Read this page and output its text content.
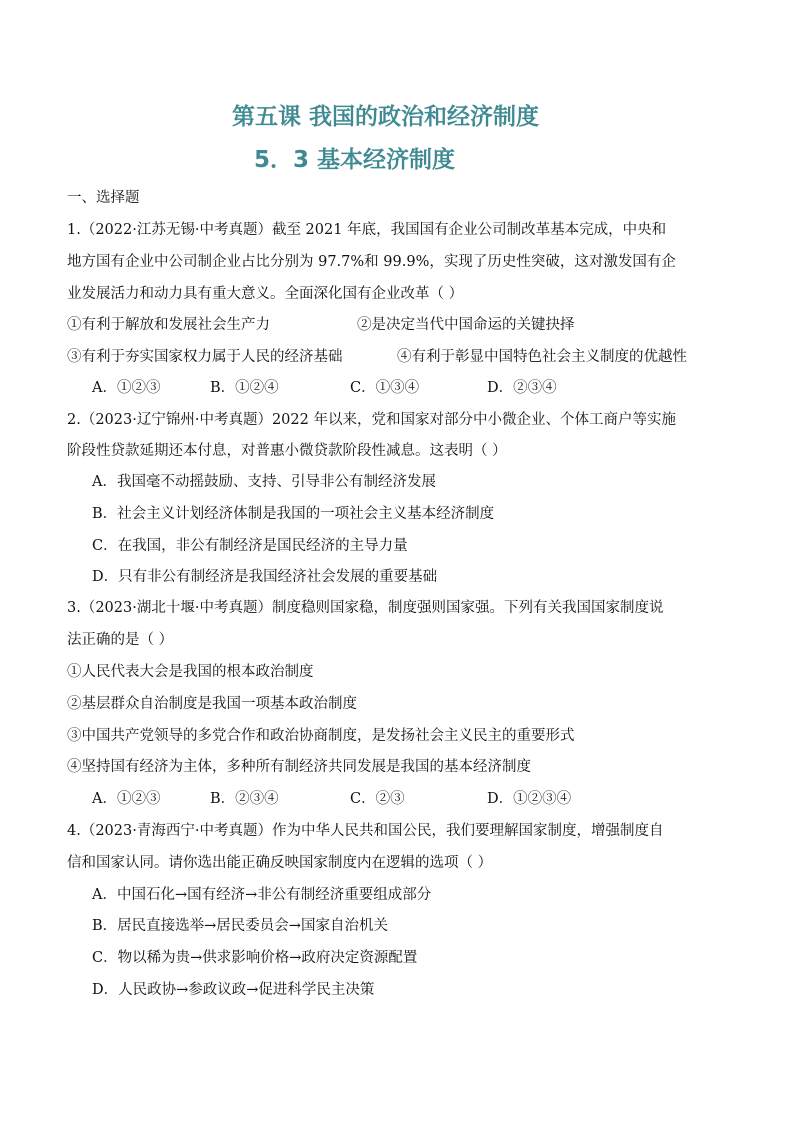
第五课 我国的政治和经济制度
5．3 基本经济制度
一、选择题
1.（2022·江苏无锡·中考真题）截至 2021 年底，我国国有企业公司制改革基本完成，中央和
地方国有企业中公司制企业占比分别为 97.7%和 99.9%，实现了历史性突破，这对激发国有企
业发展活力和动力具有重大意义。全面深化国有企业改革（ ）
①有利于解放和发展社会生产力	②是决定当代中国命运的关键抉择
③有利于夯实国家权力属于人民的经济基础	④有利于彰显中国特色社会主义制度的优越性
A．①②③	B．①②④	C．①③④	D．②③④
2.（2023·辽宁锦州·中考真题）2022 年以来，党和国家对部分中小微企业、个体工商户等实施
阶段性贷款延期还本付息，对普惠小微贷款阶段性减息。这表明（ ）
A．我国毫不动摇鼓励、支持、引导非公有制经济发展
B．社会主义计划经济体制是我国的一项社会主义基本经济制度
C．在我国，非公有制经济是国民经济的主导力量
D．只有非公有制经济是我国经济社会发展的重要基础
3.（2023·湖北十堰·中考真题）制度稳则国家稳，制度强则国家强。下列有关我国国家制度说
法正确的是（ ）
①人民代表大会是我国的根本政治制度
②基层群众自治制度是我国一项基本政治制度
③中国共产党领导的多党合作和政治协商制度，是发扬社会主义民主的重要形式
④坚持国有经济为主体，多种所有制经济共同发展是我国的基本经济制度
A．①②③	B．②③④	C．②③	D．①②③④
4.（2023·青海西宁·中考真题）作为中华人民共和国公民，我们要理解国家制度，增强制度自
信和国家认同。请你选出能正确反映国家制度内在逻辑的选项（ ）
A．中国石化→国有经济→非公有制经济重要组成部分
B．居民直接选举→居民委员会→国家自治机关
C．物以稀为贵→供求影响价格→政府决定资源配置
D．人民政协→参政议政→促进科学民主决策
